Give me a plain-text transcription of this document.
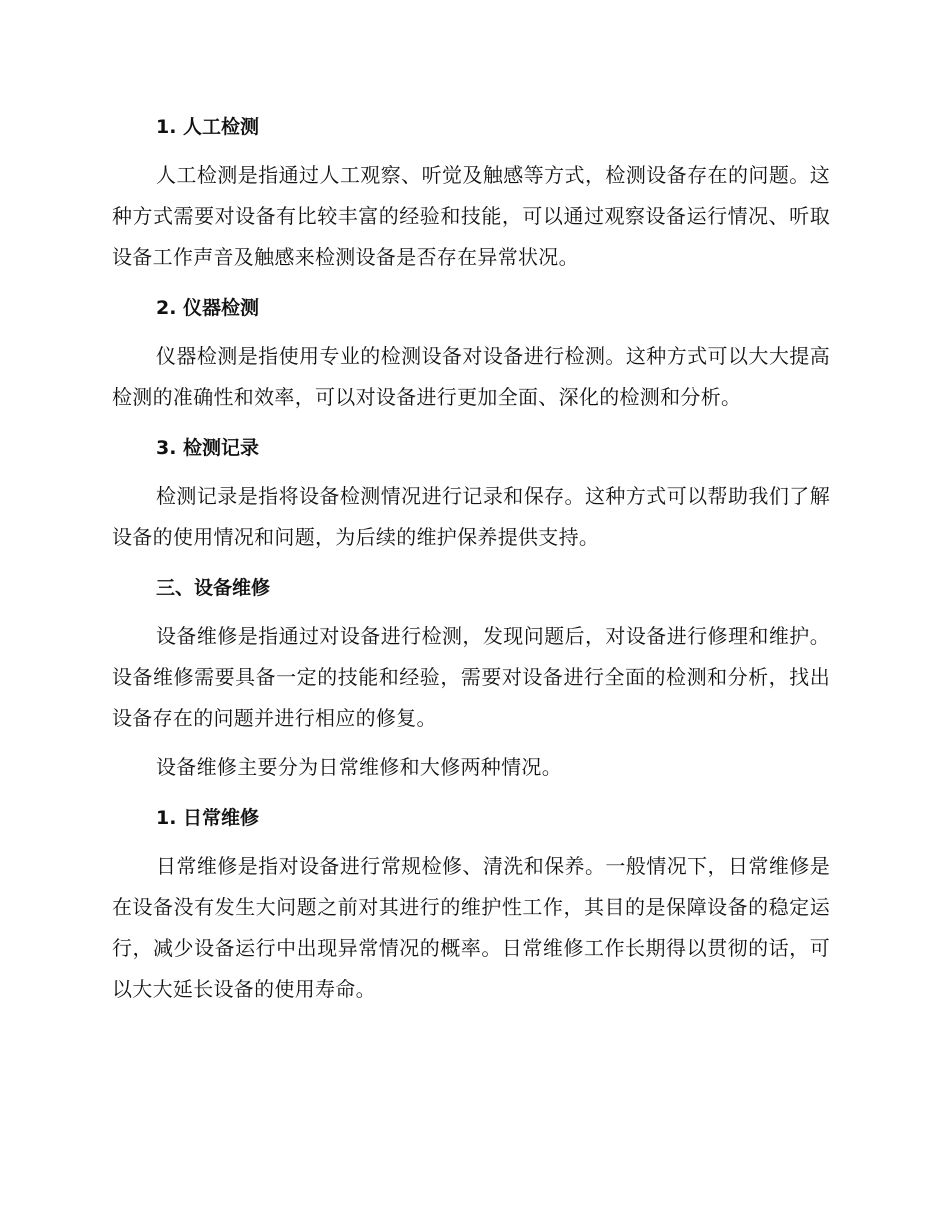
1. 人工检测

人工检测是指通过人工观察、听觉及触感等方式，检测设备存在的问题。这种方式需要对设备有比较丰富的经验和技能，可以通过观察设备运行情况、听取设备工作声音及触感来检测设备是否存在异常状况。

2. 仪器检测

仪器检测是指使用专业的检测设备对设备进行检测。这种方式可以大大提高检测的准确性和效率，可以对设备进行更加全面、深化的检测和分析。

3. 检测记录

检测记录是指将设备检测情况进行记录和保存。这种方式可以帮助我们了解设备的使用情况和问题，为后续的维护保养提供支持。

三、设备维修

设备维修是指通过对设备进行检测，发现问题后，对设备进行修理和维护。设备维修需要具备一定的技能和经验，需要对设备进行全面的检测和分析，找出设备存在的问题并进行相应的修复。

设备维修主要分为日常维修和大修两种情况。

1. 日常维修

日常维修是指对设备进行常规检修、清洗和保养。一般情况下，日常维修是在设备没有发生大问题之前对其进行的维护性工作，其目的是保障设备的稳定运行，减少设备运行中出现异常情况的概率。日常维修工作长期得以贯彻的话，可以大大延长设备的使用寿命。
